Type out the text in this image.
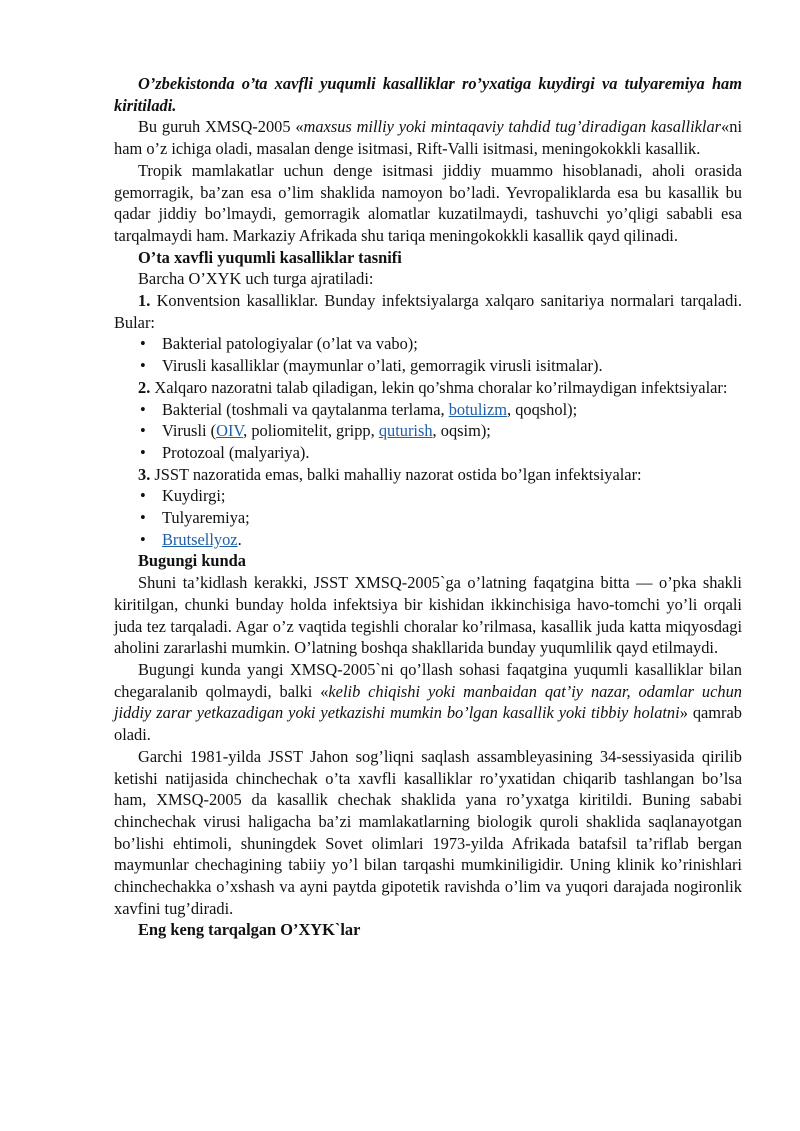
O’zbekistonda o’ta xavfli yuqumli kasalliklar ro’yxatiga kuydirgi va tulyaremiya ham kiritiladi.

Bu guruh XMSQ-2005 «maxsus milliy yoki mintaqaviy tahdid tug’diradigan kasalliklar«ni ham o’z ichiga oladi, masalan denge isitmasi, Rift-Valli isitmasi, meningokokkli kasallik.

Tropik mamlakatlar uchun denge isitmasi jiddiy muammo hisoblanadi, aholi orasida gemorragik, ba’zan esa o’lim shaklida namoyon bo’ladi. Yevropaliklarda esa bu kasallik bu qadar jiddiy bo’lmaydi, gemorragik alomatlar kuzatilmaydi, tashuvchi yo’qligi sababli esa tarqalmaydi ham. Markaziy Afrikada shu tariqa meningokokkli kasallik qayd qilinadi.

O’ta xavfli yuqumli kasalliklar tasnifi

Barcha O’XYK uch turga ajratiladi:

1. Konventsion kasalliklar. Bunday infektsiyalarga xalqaro sanitariya normalari tarqaladi. Bular:

• Bakterial patologiyalar (o’lat va vabo);
• Virusli kasalliklar (maymunlar o’lati, gemorragik virusli isitmalar).

2. Xalqaro nazoratni talab qiladigan, lekin qo’shma choralar ko’rilmaydigan infektsiyalar:

• Bakterial (toshmali va qaytalanma terlama, botulizm, qoqshol);
• Virusli (OIV, poliomitelit, gripp, quturish, oqsim);
• Protozoal (malyariya).

3. JSST nazoratida emas, balki mahalliy nazorat ostida bo’lgan infektsiyalar:

• Kuydirgi;
• Tulyaremiya;
• Brutsellyoz.

Bugungi kunda

Shuni ta’kidlash kerakki, JSST XMSQ-2005`ga o’latning faqatgina bitta — o’pka shakli kiritilgan, chunki bunday holda infektsiya bir kishidan ikkinchisiga havo-tomchi yo’li orqali juda tez tarqaladi. Agar o’z vaqtida tegishli choralar ko’rilmasa, kasallik juda katta miqyosdagi aholini zararlashi mumkin. O’latning boshqa shakllarida bunday yuqumlilik qayd etilmaydi.

Bugungi kunda yangi XMSQ-2005`ni qo’llash sohasi faqatgina yuqumli kasalliklar bilan chegaralanib qolmaydi, balki «kelib chiqishi yoki manbaidan qat’iy nazar, odamlar uchun jiddiy zarar yetkazadigan yoki yetkazishi mumkin bo’lgan kasallik yoki tibbiy holatni» qamrab oladi.

Garchi 1981-yilda JSST Jahon sog’liqni saqlash assambleyasining 34-sessiyasida qirilib ketishi natijasida chinchechak o’ta xavfli kasalliklar ro’yxatidan chiqarib tashlangan bo’lsa ham, XMSQ-2005 da kasallik chechak shaklida yana ro’yxatga kiritildi. Buning sababi chinchechak virusi haligacha ba’zi mamlakatlarning biologik quroli shaklida saqlanayotgan bo’lishi ehtimoli, shuningdek Sovet olimlari 1973-yilda Afrikada batafsil ta’riflab bergan maymunlar chechagining tabiiy yo’l bilan tarqashi mumkiniligidir. Uning klinik ko’rinishlari chinchechakka o’xshash va ayni paytda gipotetik ravishda o’lim va yuqori darajada nogironlik xavfini tug’diradi.

Eng keng tarqalgan O’XYK`lar
